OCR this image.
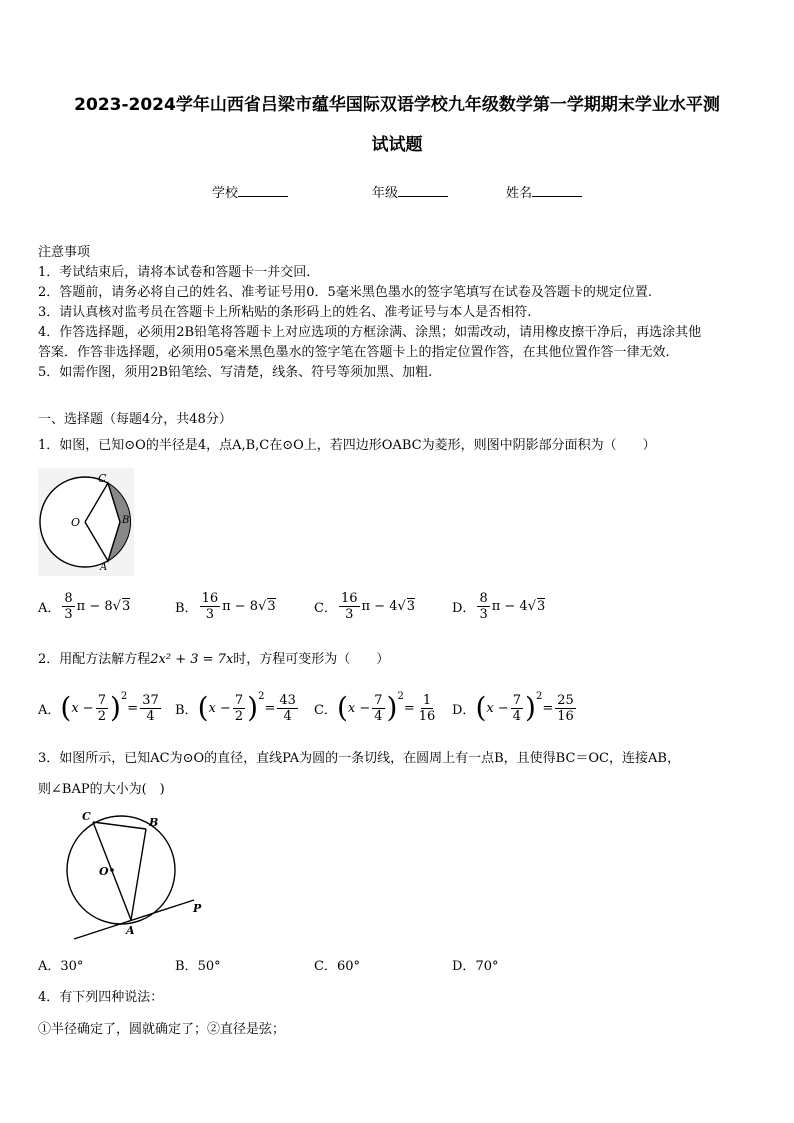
2023-2024学年山西省吕梁市蕴华国际双语学校九年级数学第一学期期末学业水平测
试试题
学校	年级	姓名
注意事项
1．考试结束后，请将本试卷和答题卡一并交回.
2．答题前，请务必将自己的姓名、准考证号用0．5毫米黑色墨水的签字笔填写在试卷及答题卡的规定位置.
3．请认真核对监考员在答题卡上所粘贴的条形码上的姓名、准考证号与本人是否相符.
4．作答选择题，必须用2B铅笔将答题卡上对应选项的方框涂满、涂黑；如需改动，请用橡皮擦干净后，再选涂其他
答案．作答非选择题，必须用05毫米黑色墨水的签字笔在答题卡上的指定位置作答，在其他位置作答一律无效.
5．如需作图，须用2B铅笔绘、写清楚，线条、符号等须加黑、加粗.
一、选择题（每题4分，共48分）
1．如图，已知⊙O的半径是4，点A,B,C在⊙O上，若四边形OABC为菱形，则图中阴影部分面积为（　　）
C
O	B
A
A． $\frac{8}{3}$ π − 8 √ 3	B． $\frac{16}{3}$ π − 8 √ 3	C． $\frac{16}{3}$ π − 4 √ 3	D． $\frac{8}{3}$ π − 4 √ 3
2．用配方法解方程2x² + 3 = 7x时，方程可变形为（　　）
A． ( $x - \frac{7}{2}$ ) 2
= $\frac{37}{4}$ B． ( $x - \frac{7}{2}$ ) 2
= $\frac{43}{4}$ C． ( $x - \frac{7}{4}$ ) 2
= $\frac{1}{16}$ D． ( $x - \frac{7}{4}$ ) 2
= $\frac{25}{16}$
3．如图所示，已知AC为⊙O的直径，直线PA为圆的一条切线，在圆周上有一点B，且使得BC＝OC，连接AB，
则∠BAP的大小为(　)
C	B
O
P
A
A．30°	B．50°	C．60°	D．70°
4．有下列四种说法：
①半径确定了，圆就确定了；②直径是弦；
